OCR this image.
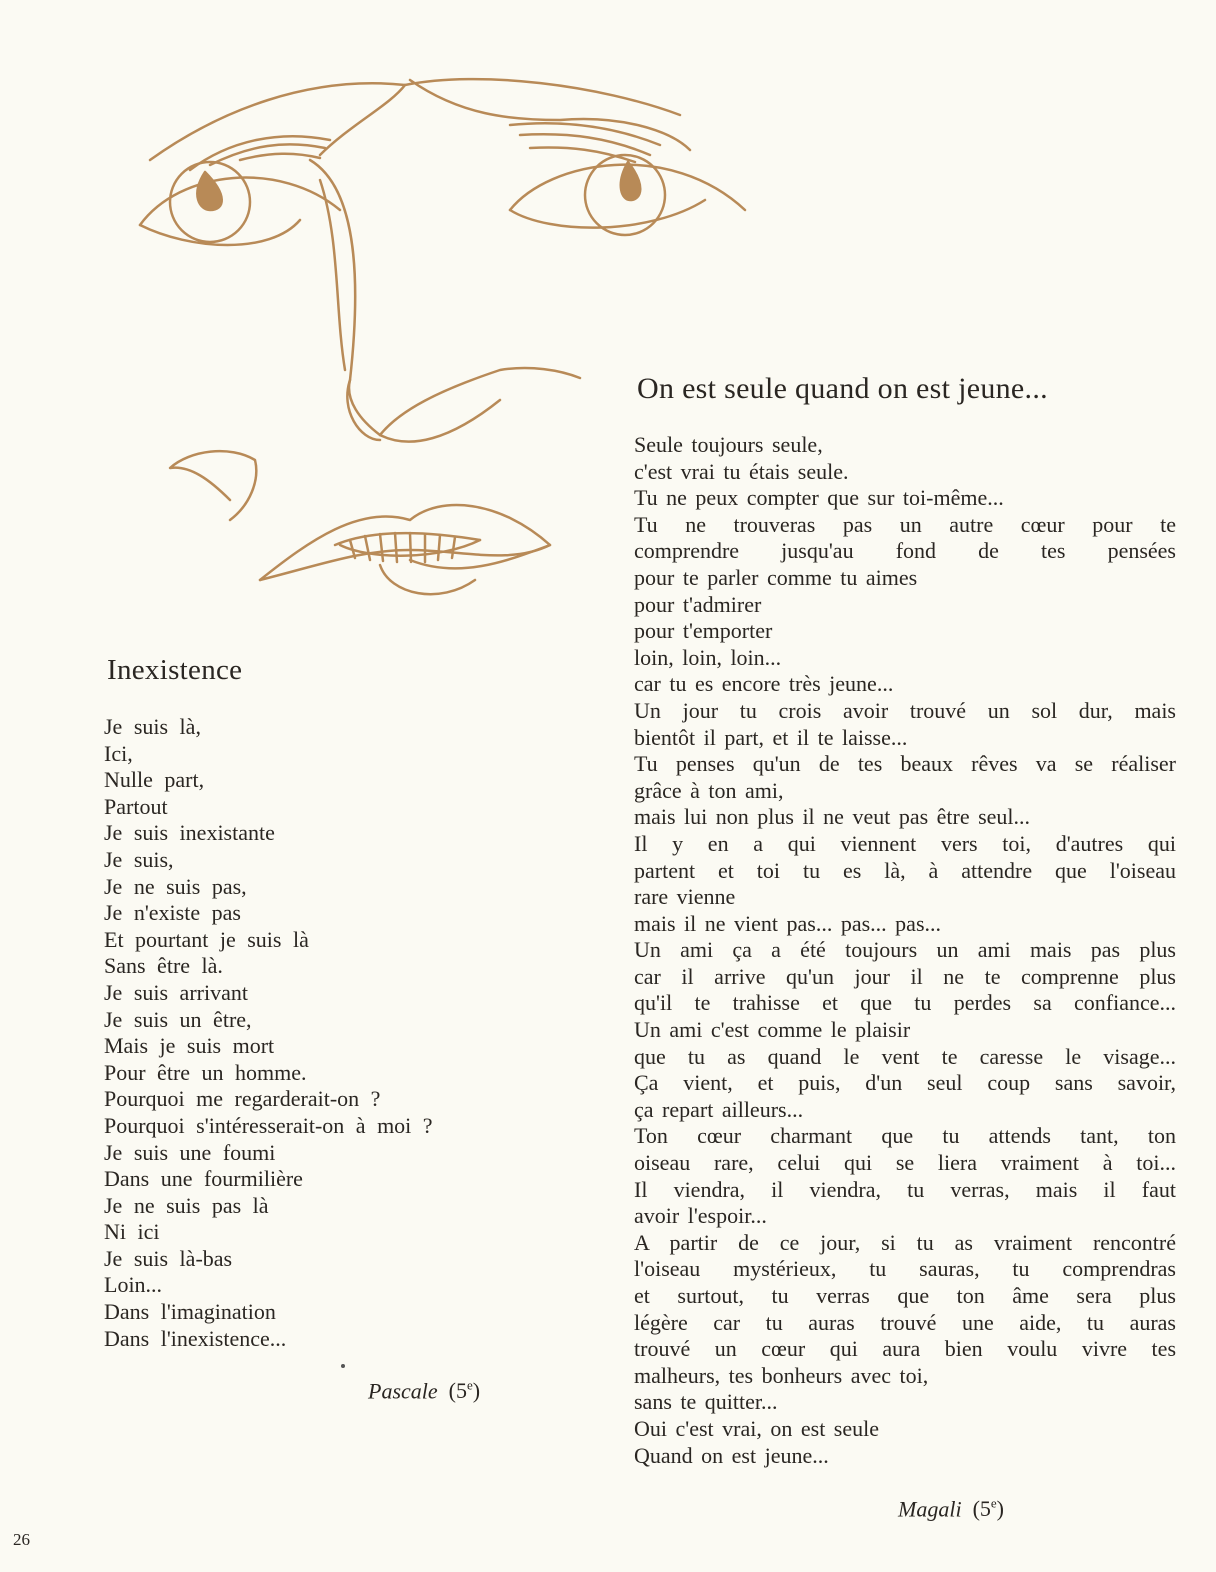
Inexistence
Je suis là,
Ici,
Nulle part,
Partout
Je suis inexistante
Je suis,
Je ne suis pas,
Je n'existe pas
Et pourtant je suis là
Sans être là.
Je suis arrivant
Je suis un être,
Mais je suis mort
Pour être un homme.
Pourquoi me regarderait-on ?
Pourquoi s'intéresserait-on à moi ?
Je suis une foumi
Dans une fourmilière
Je ne suis pas là
Ni ici
Je suis là-bas
Loin...
Dans l'imagination
Dans l'inexistence...
Pascale (5e)
On est seule quand on est jeune...
Seule toujours seule,
c'est vrai tu étais seule.
Tu ne peux compter que sur toi-même...
Tu ne trouveras pas un autre cœur pour te
comprendre jusqu'au fond de tes pensées
pour te parler comme tu aimes
pour t'admirer
pour t'emporter
loin, loin, loin...
car tu es encore très jeune...
Un jour tu crois avoir trouvé un sol dur, mais
bientôt il part, et il te laisse...
Tu penses qu'un de tes beaux rêves va se réaliser
grâce à ton ami,
mais lui non plus il ne veut pas être seul...
Il y en a qui viennent vers toi, d'autres qui
partent et toi tu es là, à attendre que l'oiseau
rare vienne
mais il ne vient pas... pas... pas...
Un ami ça a été toujours un ami mais pas plus
car il arrive qu'un jour il ne te comprenne plus
qu'il te trahisse et que tu perdes sa confiance...
Un ami c'est comme le plaisir
que tu as quand le vent te caresse le visage...
Ça vient, et puis, d'un seul coup sans savoir,
ça repart ailleurs...
Ton cœur charmant que tu attends tant, ton
oiseau rare, celui qui se liera vraiment à toi...
Il viendra, il viendra, tu verras, mais il faut
avoir l'espoir...
A partir de ce jour, si tu as vraiment rencontré
l'oiseau mystérieux, tu sauras, tu comprendras
et surtout, tu verras que ton âme sera plus
légère car tu auras trouvé une aide, tu auras
trouvé un cœur qui aura bien voulu vivre tes
malheurs, tes bonheurs avec toi,
sans te quitter...
Oui c'est vrai, on est seule
Quand on est jeune...
Magali (5e)
26
